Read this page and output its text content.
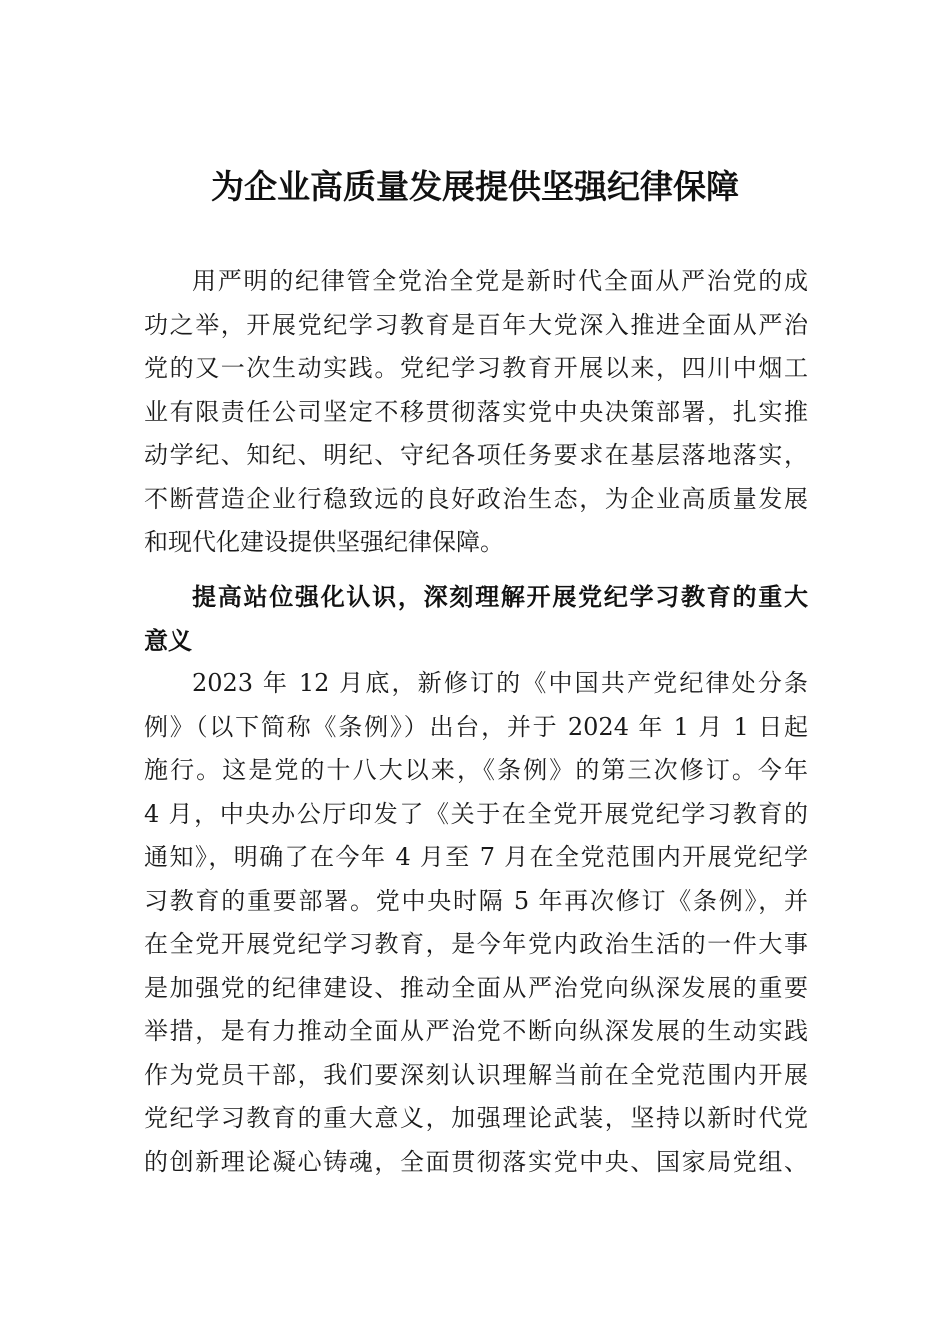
为企业高质量发展提供坚强纪律保障
用严明的纪律管全党治全党是新时代全面从严治党的成
功之举，开展党纪学习教育是百年大党深入推进全面从严治
党的又一次生动实践。党纪学习教育开展以来，四川中烟工
业有限责任公司坚定不移贯彻落实党中央决策部署，扎实推
动学纪、知纪、明纪、守纪各项任务要求在基层落地落实，
不断营造企业行稳致远的良好政治生态，为企业高质量发展
和现代化建设提供坚强纪律保障。
提高站位强化认识，深刻理解开展党纪学习教育的重大
意义
2023 年 12 月底，新修订的《中国共产党纪律处分条
例》（以下简称《条例》）出台，并于 2024 年 1 月 1 日起
施行。这是党的十八大以来，《条例》的第三次修订。今年
4 月，中央办公厅印发了《关于在全党开展党纪学习教育的
通知》，明确了在今年 4 月至 7 月在全党范围内开展党纪学
习教育的重要部署。党中央时隔 5 年再次修订《条例》，并
在全党开展党纪学习教育，是今年党内政治生活的一件大事
是加强党的纪律建设、推动全面从严治党向纵深发展的重要
举措，是有力推动全面从严治党不断向纵深发展的生动实践
作为党员干部，我们要深刻认识理解当前在全党范围内开展
党纪学习教育的重大意义，加强理论武装，坚持以新时代党
的创新理论凝心铸魂，全面贯彻落实党中央、国家局党组、
